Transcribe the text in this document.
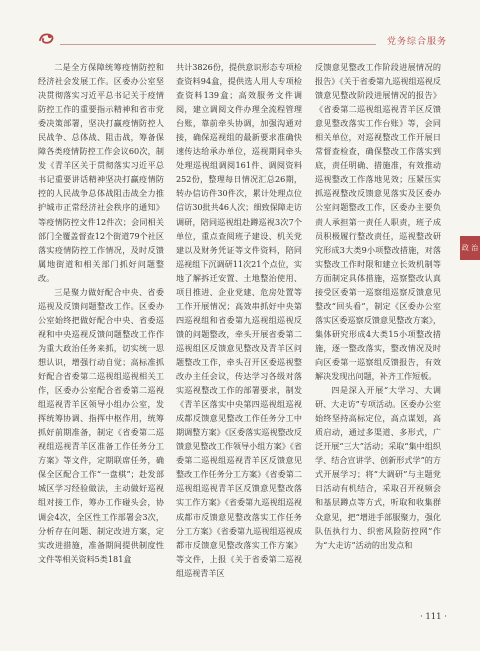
党务综合服务

二是全方保障统筹疫情防控和经济社会发展工作。区委办公室坚决贯彻落实习近平总书记关于疫情防控工作的重要指示精神和省市党委决策部署，坚决打赢疫情防控人民战争、总体战、阻击战，筹备保障各类疫情防控工作会议60次，制发《青羊区关于贯彻落实习近平总书记重要讲话精神坚决打赢疫情防控的人民战争总体战阻击战全力推护城市正常经济社会秩序的通知》等疫情防控文件12件次；会同相关部门全覆盖督查12个街道79个社区落实疫情防控工作情况，及时反馈属地街道和相关部门抓好问题整改。

三是聚力做好配合中央、省委巡视及反馈问题整改工作。区委办公室始终把做好配合中央、省委巡视和中央巡视反馈问题整改工作作为重大政治任务来抓，切实统一思想认识，增强行动自觉；高标准抓好配合省委第二巡视组巡视相关工作，区委办公室配合省委第二巡视组巡视青羊区领导小组办公室，发挥统筹协调、指挥中枢作用，统筹抓好前期准备，制定《省委第二巡视组巡视青羊区准备工作任务分工方案》等文件，定期联席任务，确保全区配合工作“一盘棋”；赴发部城区学习经验做法，主动做好巡视组对接工作，筹办工作碰头会，协调会4次，全区性工作部署会3次，分析存在问题、制定改进方案，定实改进措施，准备期间提供制度性文件等相关资料5类181盒

共计3826份，提供意识形态专项检查资料94盒，提供选人用人专项检查资料139盒；高效服务文件调阅，建立调阅文件办理全流程管理台账，靠前牵头协调，加强沟通对接，确保巡视组的最新要求准确快速传达给承办单位，巡视期间牵头处理巡视组调阅161件、调阅资料252份，整理每日情况汇总26期，转办信访件30件次，累计处理点位信访30批共46人次；细致保障走访调研，陪同巡视组赴蹲巡视3次7个单位，重点查阅班子建设、机关党建以及财务凭证等文件资料，陪同巡视组下沉调研11次21个点位，实地了解拆迁安置、土地整治使用、项目推进、企业党建、危房处置等工作开展情况；高效串抓好中央第四巡视组和省委第九巡视组巡视反馈的问题整改，牵头开展省委第二巡视组区反馈意见整改及青羊区问题整改工作，牵头召开区委巡视整改办主任会议，传达学习各级对落实巡视整改工作的部署要求，制发《青羊区落实中央第四巡视组巡视成都反馈意见整改工作任务分工中期调整方案》《区委落实巡视整改反馈意见整改工作领导小组方案》《省委第二巡视组巡视青羊区反馈意见整改工作任务分工方案》《省委第二巡视组巡视青羊区反馈意见整改落实工作方案》《省委第九巡视组巡视成都市反馈意见整改落实工作任务分工方案》《省委第九巡视组巡视成都市反馈意见整改落实工作方案》等文件，上报《关于省委第二巡视组巡视青羊区

反馈意见整改工作阶段进展情况的报告》《关于省委第九巡视组巡视反馈意见整改阶段进展情况的报告》《省委第二巡视组巡视青羊区反馈意见整改落实工作台账》等，会同相关单位，对巡视整改工作开展日常督查检查，确保整改工作落实到底，责任明确、措施准，有效推动巡视整改工作落地见效；压紧压实抓巡视整改反馈意见落实及区委办公室问题整改工作，区委办主要负责人承担第一责任人职责，班子成员积极履行整改责任，巡视整改研究形成3大类9小项整改措施，对落实整改工作时限和建立长效机制等方面制定具体措施，巡察整改认真接受区委第一巡察组巡察反馈意见整改“回头看”，制定《区委办公室落实区委巡察反馈意见整改方案》，集体研究形成4大类15小项整改措施，逐一整改落实，整改情况及时向区委第一巡察组反馈报告，有效解决发现出问题，补齐工作短板。

四是深入开展“大学习、大调研、大走访”专项活动。区委办公室始终坚持高标定位，高点谋划，高质启动，通过多渠道、多形式，广泛开展“三大”活动；采取“集中组织学、结合宣讲学、创新形式学”的方式开展学习；将“大调研”与主题党日活动有机结合，采取召开视频会和基层蹲点等方式，听取和收集群众意见，把“增进手部服聚力，强化队伍执行力、织密风险防控网”作为“大走访”活动的出发点和

政 治
· 111 ·
